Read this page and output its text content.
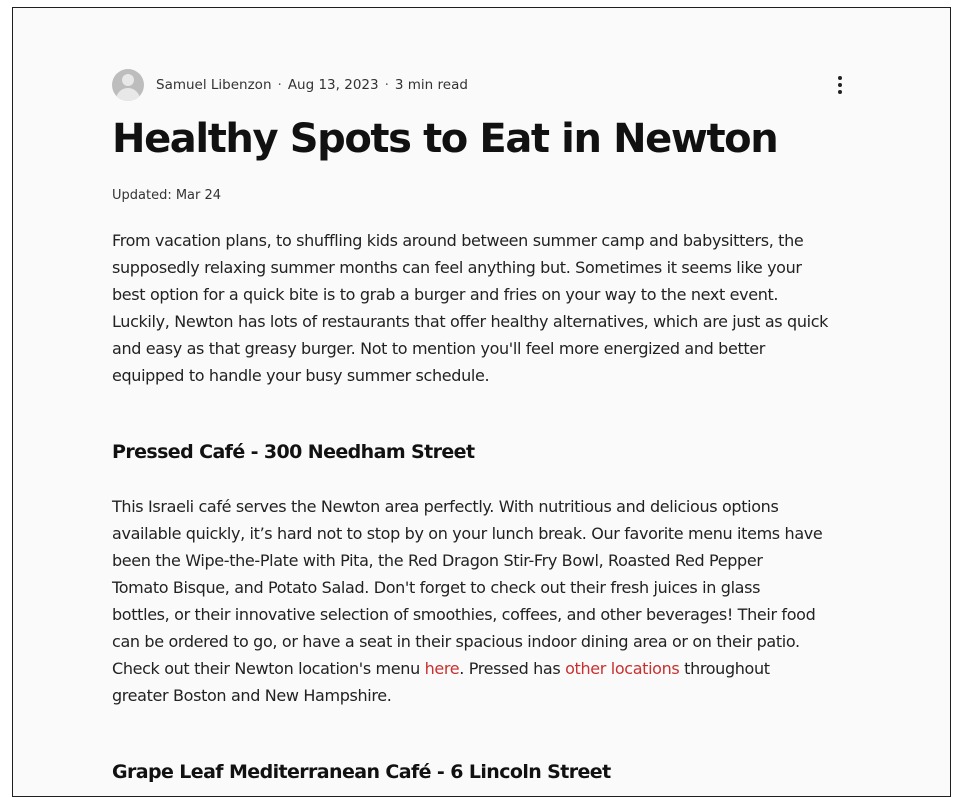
Samuel Libenzon · Aug 13, 2023 · 3 min read
Healthy Spots to Eat in Newton
Updated: Mar 24

From vacation plans, to shuffling kids around between summer camp and babysitters, the
supposedly relaxing summer months can feel anything but. Sometimes it seems like your
best option for a quick bite is to grab a burger and fries on your way to the next event.
Luckily, Newton has lots of restaurants that offer healthy alternatives, which are just as quick
and easy as that greasy burger. Not to mention you'll feel more energized and better
equipped to handle your busy summer schedule.

Pressed Café - 300 Needham Street

This Israeli café serves the Newton area perfectly. With nutritious and delicious options
available quickly, it’s hard not to stop by on your lunch break. Our favorite menu items have
been the Wipe-the-Plate with Pita, the Red Dragon Stir-Fry Bowl, Roasted Red Pepper
Tomato Bisque, and Potato Salad. Don't forget to check out their fresh juices in glass
bottles, or their innovative selection of smoothies, coffees, and other beverages! Their food
can be ordered to go, or have a seat in their spacious indoor dining area or on their patio.
Check out their Newton location's menu here. Pressed has other locations throughout
greater Boston and New Hampshire.

Grape Leaf Mediterranean Café - 6 Lincoln Street
